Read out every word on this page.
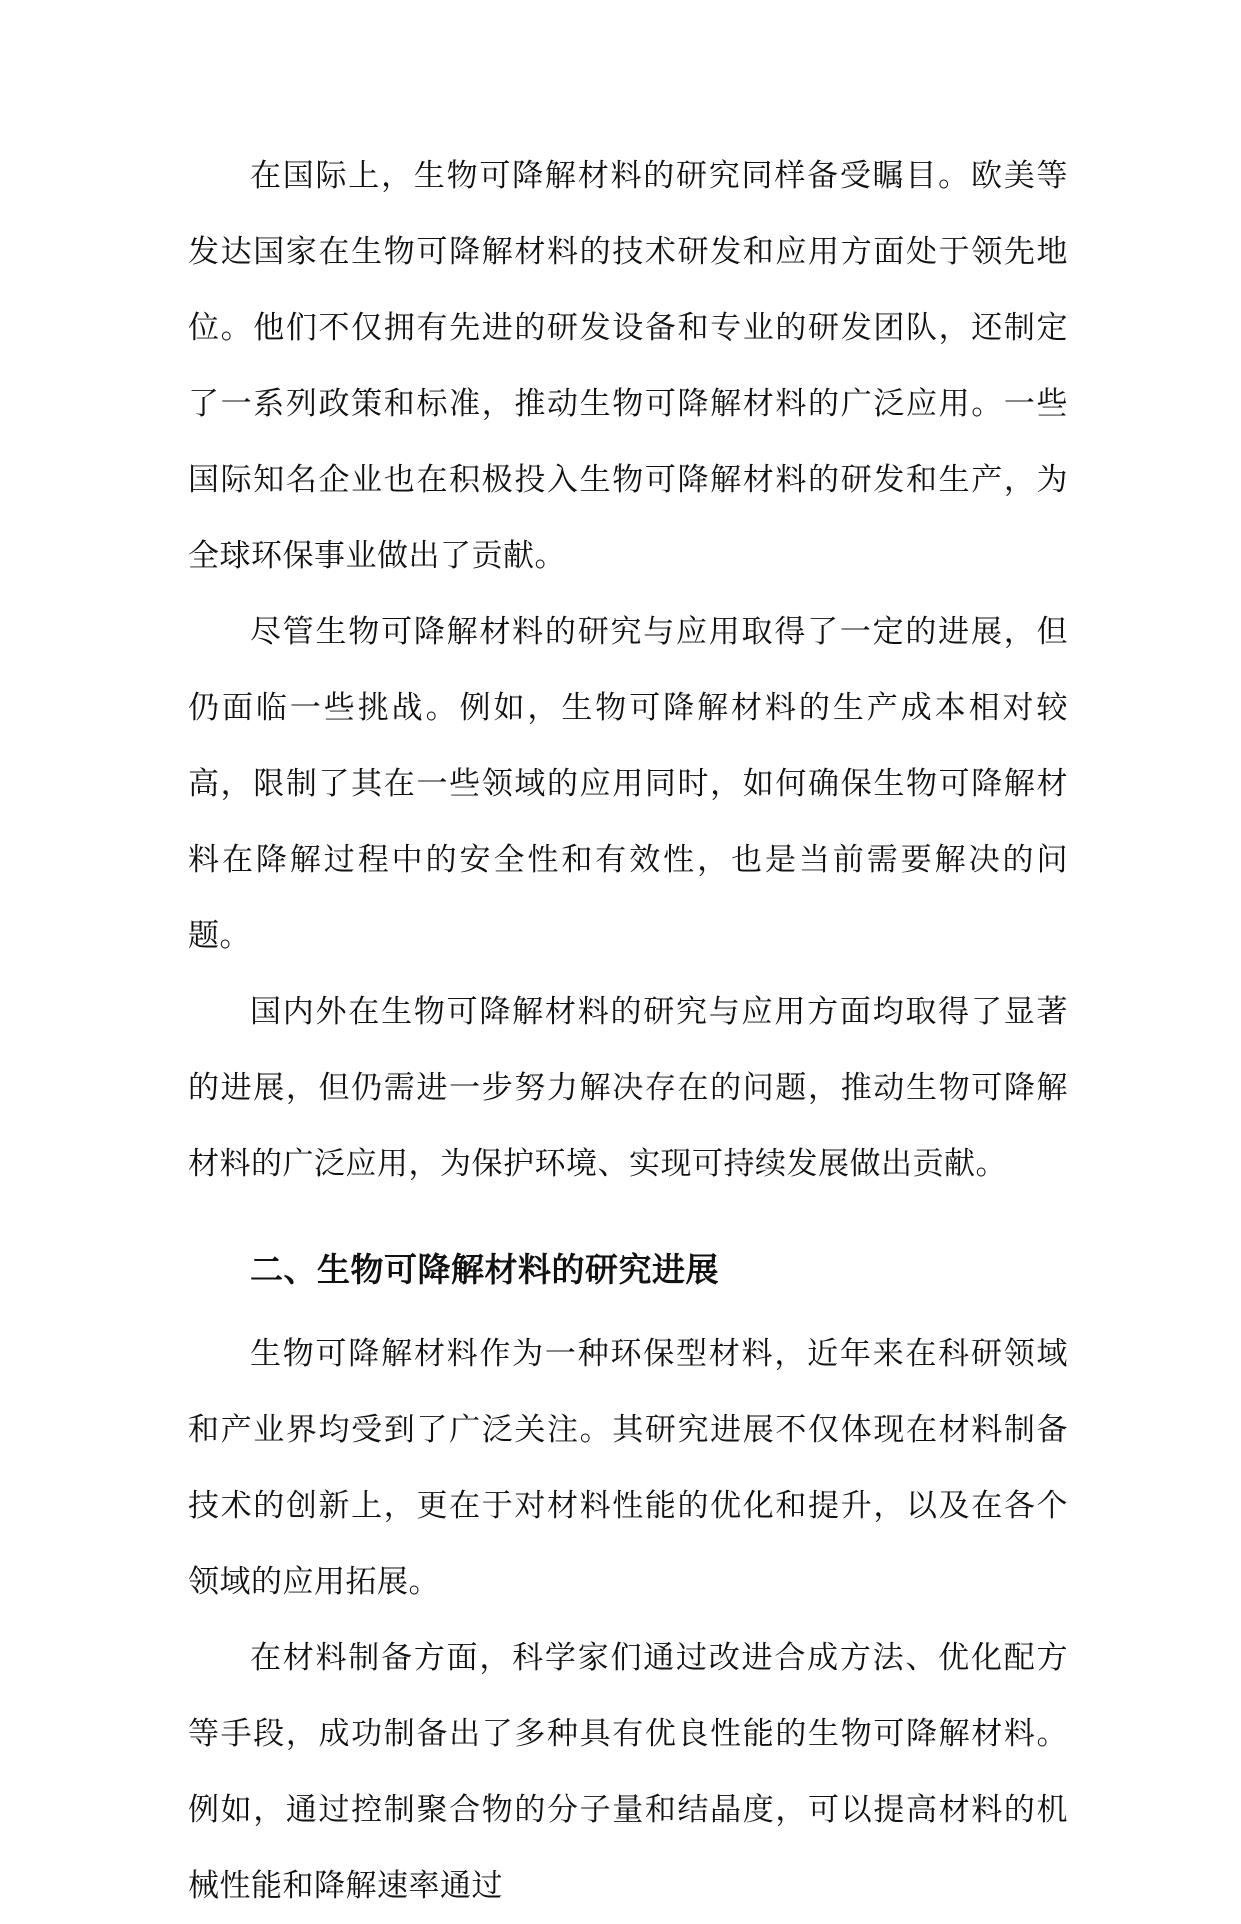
在国际上，生物可降解材料的研究同样备受瞩目。欧美等发达国家在生物可降解材料的技术研发和应用方面处于领先地位。他们不仅拥有先进的研发设备和专业的研发团队，还制定了一系列政策和标准，推动生物可降解材料的广泛应用。一些国际知名企业也在积极投入生物可降解材料的研发和生产，为全球环保事业做出了贡献。

尽管生物可降解材料的研究与应用取得了一定的进展，但仍面临一些挑战。例如，生物可降解材料的生产成本相对较高，限制了其在一些领域的应用同时，如何确保生物可降解材料在降解过程中的安全性和有效性，也是当前需要解决的问题。

国内外在生物可降解材料的研究与应用方面均取得了显著的进展，但仍需进一步努力解决存在的问题，推动生物可降解材料的广泛应用，为保护环境、实现可持续发展做出贡献。

二、生物可降解材料的研究进展

生物可降解材料作为一种环保型材料，近年来在科研领域和产业界均受到了广泛关注。其研究进展不仅体现在材料制备技术的创新上，更在于对材料性能的优化和提升，以及在各个领域的应用拓展。

在材料制备方面，科学家们通过改进合成方法、优化配方等手段，成功制备出了多种具有优良性能的生物可降解材料。例如，通过控制聚合物的分子量和结晶度，可以提高材料的机械性能和降解速率通过
